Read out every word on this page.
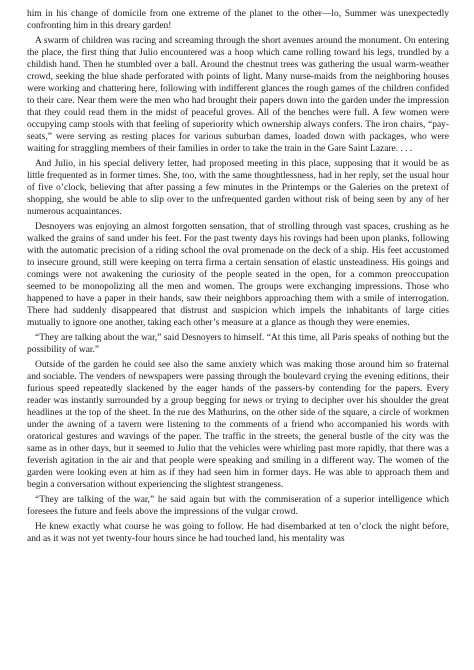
him in his change of domicile from one extreme of the planet to the other—lo, Summer was unexpectedly confronting him in this dreary garden!

A swarm of children was racing and screaming through the short avenues around the monument. On entering the place, the first thing that Julio encountered was a hoop which came rolling toward his legs, trundled by a childish hand. Then he stumbled over a ball. Around the chestnut trees was gathering the usual warm-weather crowd, seeking the blue shade perforated with points of light. Many nurse-maids from the neighboring houses were working and chattering here, following with indifferent glances the rough games of the children confided to their care. Near them were the men who had brought their papers down into the garden under the impression that they could read them in the midst of peaceful groves. All of the benches were full. A few women were occupying camp stools with that feeling of superiority which ownership always confers. The iron chairs, “pay-seats,” were serving as resting places for various suburban dames, loaded down with packages, who were waiting for straggling members of their families in order to take the train in the Gare Saint Lazare. . . .

And Julio, in his special delivery letter, had proposed meeting in this place, supposing that it would be as little frequented as in former times. She, too, with the same thoughtlessness, had in her reply, set the usual hour of five o’clock, believing that after passing a few minutes in the Printemps or the Galeries on the pretext of shopping, she would be able to slip over to the unfrequented garden without risk of being seen by any of her numerous acquaintances.

Desnoyers was enjoying an almost forgotten sensation, that of strolling through vast spaces, crushing as he walked the grains of sand under his feet. For the past twenty days his rovings had been upon planks, following with the automatic precision of a riding school the oval promenade on the deck of a ship. His feet accustomed to insecure ground, still were keeping on terra firma a certain sensation of elastic unsteadiness. His goings and comings were not awakening the curiosity of the people seated in the open, for a common preoccupation seemed to be monopolizing all the men and women. The groups were exchanging impressions. Those who happened to have a paper in their hands, saw their neighbors approaching them with a smile of interrogation. There had suddenly disappeared that distrust and suspicion which impels the inhabitants of large cities mutually to ignore one another, taking each other’s measure at a glance as though they were enemies.

“They are talking about the war,” said Desnoyers to himself. “At this time, all Paris speaks of nothing but the possibility of war.”

Outside of the garden he could see also the same anxiety which was making those around him so fraternal and sociable. The venders of newspapers were passing through the boulevard crying the evening editions, their furious speed repeatedly slackened by the eager hands of the passers-by contending for the papers. Every reader was instantly surrounded by a group begging for news or trying to decipher over his shoulder the great headlines at the top of the sheet. In the rue des Mathurins, on the other side of the square, a circle of workmen under the awning of a tavern were listening to the comments of a friend who accompanied his words with oratorical gestures and wavings of the paper. The traffic in the streets, the general bustle of the city was the same as in other days, but it seemed to Julio that the vehicles were whirling past more rapidly, that there was a feverish agitation in the air and that people were speaking and smiling in a different way. The women of the garden were looking even at him as if they had seen him in former days. He was able to approach them and begin a conversation without experiencing the slightest strangeness.

“They are talking of the war,” he said again but with the commiseration of a superior intelligence which foresees the future and feels above the impressions of the vulgar crowd.

He knew exactly what course he was going to follow. He had disembarked at ten o’clock the night before, and as it was not yet twenty-four hours since he had touched land, his mentality was
